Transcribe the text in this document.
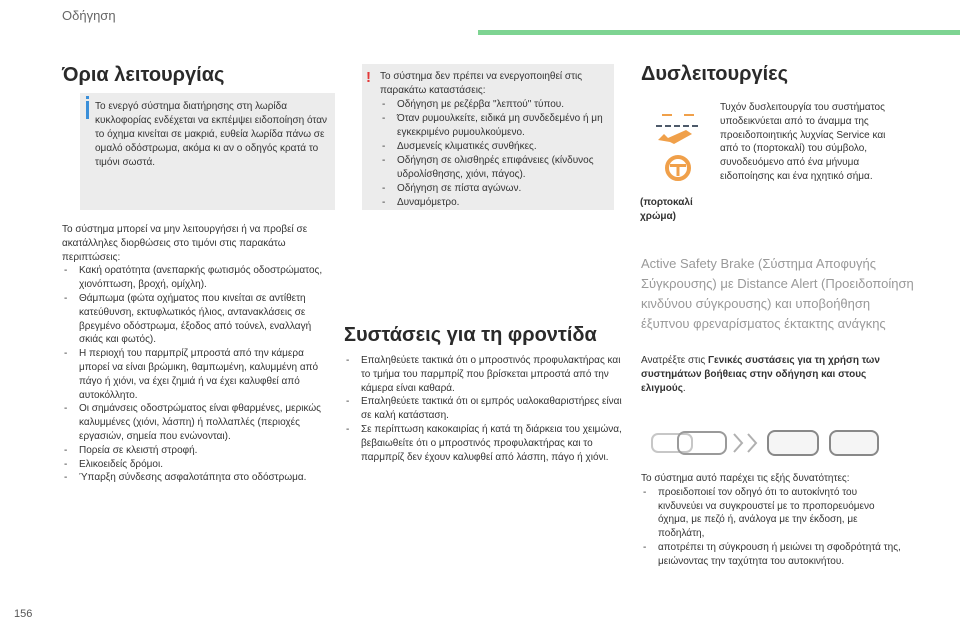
Οδήγηση
Όρια λειτουργίας

Το ενεργό σύστημα διατήρησης στη λωρίδα κυκλοφορίας ενδέχεται να εκπέμψει ειδοποίηση όταν το όχημα κινείται σε μακριά, ευθεία λωρίδα πάνω σε ομαλό οδόστρωμα, ακόμα κι αν ο οδηγός κρατά το τιμόνι σωστά.

Το σύστημα μπορεί να μην λειτουργήσει ή να προβεί σε ακατάλληλες διορθώσεις στο τιμόνι στις παρακάτω περιπτώσεις:

- Κακή ορατότητα (ανεπαρκής φωτισμός οδοστρώματος, χιονόπτωση, βροχή, ομίχλη).
- Θάμπωμα (φώτα οχήματος που κινείται σε αντίθετη κατεύθυνση, εκτυφλωτικός ήλιος, αντανακλάσεις σε βρεγμένο οδόστρωμα, έξοδος από τούνελ, εναλλαγή σκιάς και φωτός).
- Η περιοχή του παρμπρίζ μπροστά από την κάμερα μπορεί να είναι βρώμικη, θαμπωμένη, καλυμμένη από πάγο ή χιόνι, να έχει ζημιά ή να έχει καλυφθεί από αυτοκόλλητο.
- Οι σημάνσεις οδοστρώματος είναι φθαρμένες, μερικώς καλυμμένες (χιόνι, λάσπη) ή πολλαπλές (περιοχές εργασιών, σημεία που ενώνονται).
- Πορεία σε κλειστή στροφή.
- Ελικοειδείς δρόμοι.
- Ύπαρξη σύνδεσης ασφαλοτάπητα στο οδόστρωμα.
! Το σύστημα δεν πρέπει να ενεργοποιηθεί στις παρακάτω καταστάσεις:

- Οδήγηση με ρεζέρβα "λεπτού" τύπου.
- Όταν ρυμουλκείτε, ειδικά μη συνδεδεμένο ή μη εγκεκριμένο ρυμουλκούμενο.
- Δυσμενείς κλιματικές συνθήκες.
- Οδήγηση σε ολισθηρές επιφάνειες (κίνδυνος υδρολίσθησης, χιόνι, πάγος).
- Οδήγηση σε πίστα αγώνων.
- Δυναμόμετρο.
Συστάσεις για τη φροντίδα
- Επαληθεύετε τακτικά ότι ο μπροστινός προφυλακτήρας και το τμήμα του παρμπρίζ που βρίσκεται μπροστά από την κάμερα είναι καθαρά.
- Επαληθεύετε τακτικά ότι οι εμπρός υαλοκαθαριστήρες είναι σε καλή κατάσταση.
- Σε περίπτωση κακοκαιρίας ή κατά τη διάρκεια του χειμώνα, βεβαιωθείτε ότι ο μπροστινός προφυλακτήρας και το παρμπρίζ δεν έχουν καλυφθεί από λάσπη, πάγο ή χιόνι.
Δυσλειτουργίες
Τυχόν δυσλειτουργία του συστήματος υποδεικνύεται από το άναμμα της προειδοποιητικής λυχνίας Service και από το (πορτοκαλί) του σύμβολο, συνοδευόμενο από ένα μήνυμα ειδοποίησης και ένα ηχητικό σήμα.
(πορτοκαλί χρώμα)
Active Safety Brake (Σύστημα Αποφυγής Σύγκρουσης) με Distance Alert (Προειδοποίηση κινδύνου σύγκρουσης) και υποβοήθηση έξυπνου φρεναρίσματος έκτακτης ανάγκης
Ανατρέξτε στις Γενικές συστάσεις για τη χρήση των συστημάτων βοήθειας στην οδήγηση και στους ελιγμούς.

Το σύστημα αυτό παρέχει τις εξής δυνατότητες:

- προειδοποιεί τον οδηγό ότι το αυτοκίνητό του κινδυνεύει να συγκρουστεί με το προπορευόμενο όχημα, με πεζό ή, ανάλογα με την έκδοση, με ποδηλάτη,
- αποτρέπει τη σύγκρουση ή μειώνει τη σφοδρότητά της, μειώνοντας την ταχύτητα του αυτοκινήτου.
156
